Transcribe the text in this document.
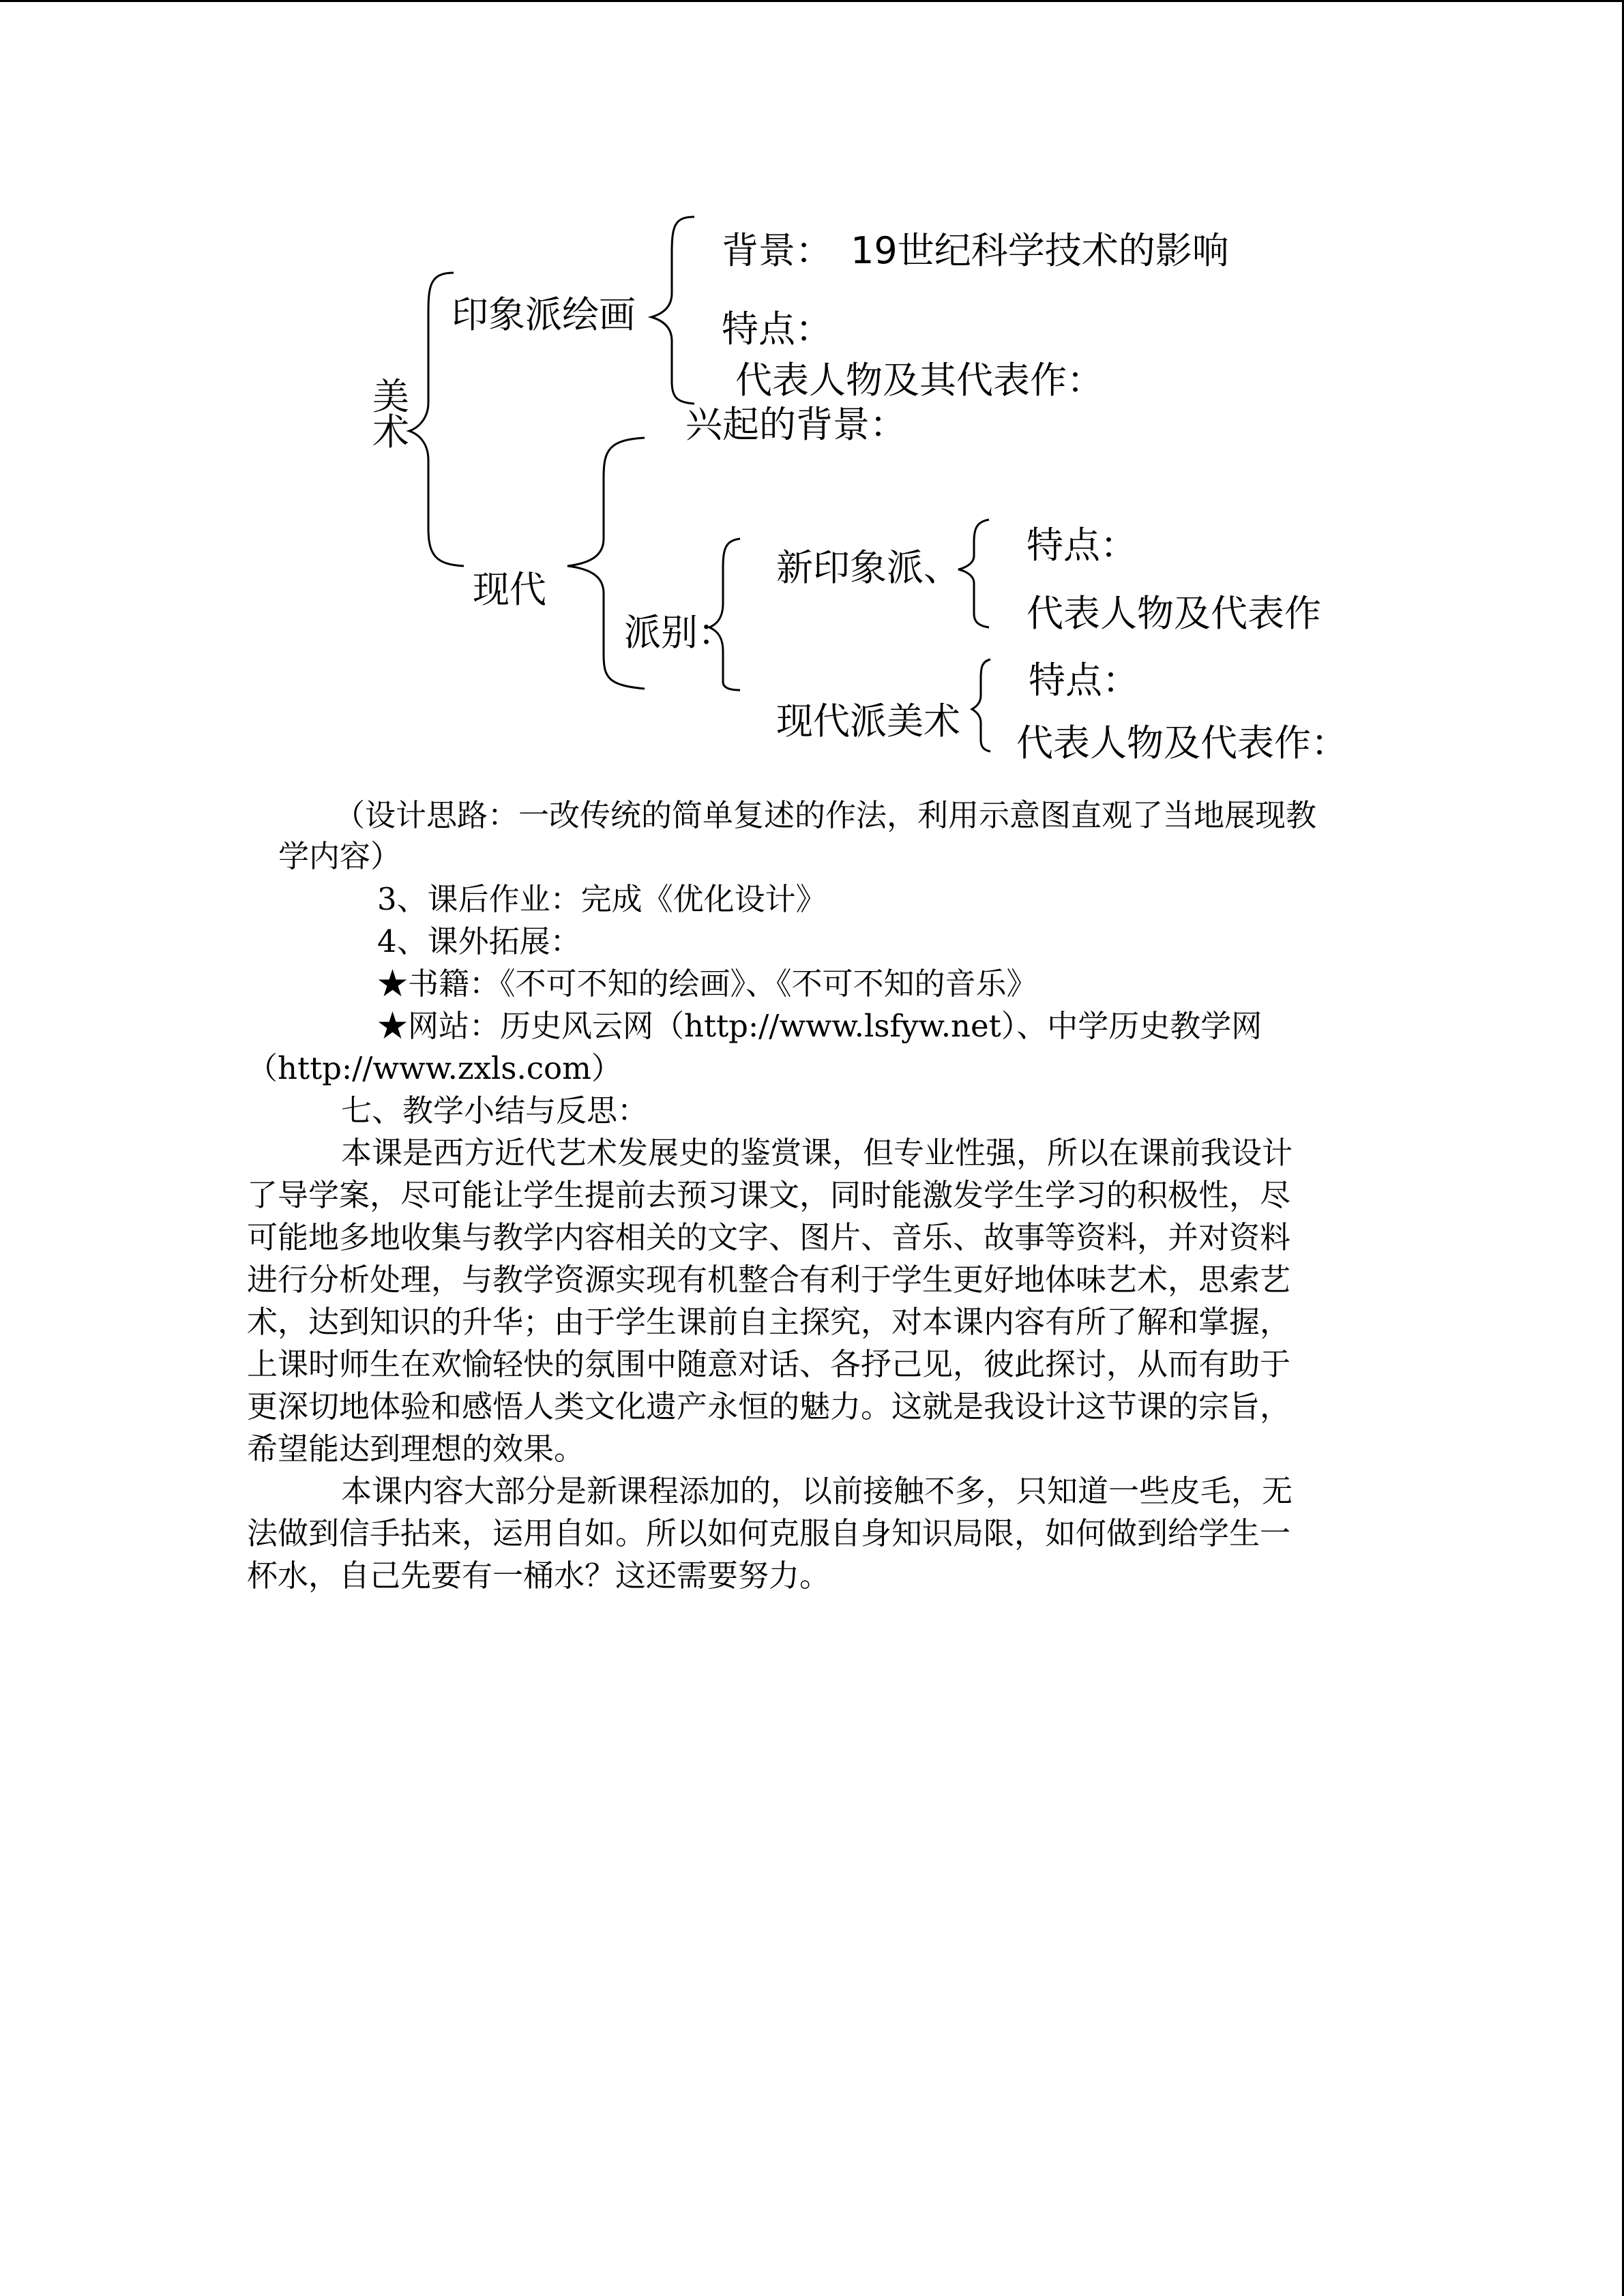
美术
印象派绘画
背景：　19世纪科学技术的影响
特点：
代表人物及其代表作：
兴起的背景：
现代
派别：
新印象派、
特点：
代表人物及代表作
现代派美术
特点：
代表人物及代表作：
（设计思路：一改传统的简单复述的作法，利用示意图直观了当地展现教
学内容）
3、课后作业：完成《优化设计》
4、课外拓展：
★书籍：《不可不知的绘画》、《不可不知的音乐》
★网站：历史风云网（http://www.lsfyw.net）、中学历史教学网
（http://www.zxls.com）
七、教学小结与反思：
本课是西方近代艺术发展史的鉴赏课，但专业性强，所以在课前我设计
了导学案，尽可能让学生提前去预习课文，同时能激发学生学习的积极性，尽
可能地多地收集与教学内容相关的文字、图片、音乐、故事等资料，并对资料
进行分析处理，与教学资源实现有机整合有利于学生更好地体味艺术，思索艺
术，达到知识的升华；由于学生课前自主探究，对本课内容有所了解和掌握，
上课时师生在欢愉轻快的氛围中随意对话、各抒己见，彼此探讨，从而有助于
更深切地体验和感悟人类文化遗产永恒的魅力。这就是我设计这节课的宗旨，
希望能达到理想的效果。
本课内容大部分是新课程添加的，以前接触不多，只知道一些皮毛，无
法做到信手拈来，运用自如。所以如何克服自身知识局限，如何做到给学生一
杯水，自己先要有一桶水？这还需要努力。
